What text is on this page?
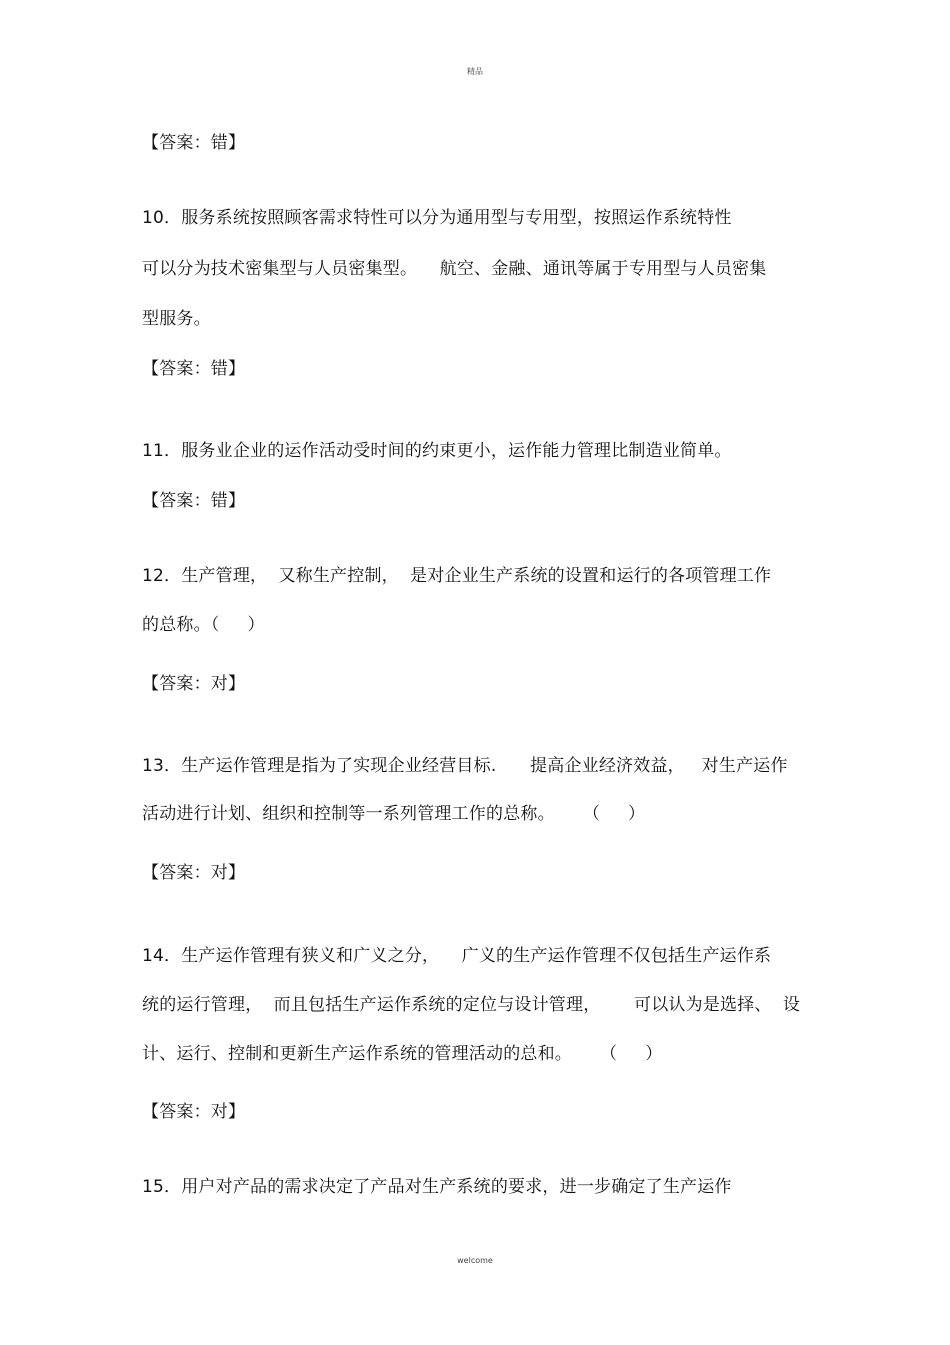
精品
【答案：错】
10．服务系统按照顾客需求特性可以分为通用型与专用型，按照运作系统特性
可以分为技术密集型与人员密集型。    航空、金融、通讯等属于专用型与人员密集
型服务。
【答案：错】
11．服务业企业的运作活动受时间的约束更小，运作能力管理比制造业简单。
【答案：错】
12．生产管理，  又称生产控制，  是对企业生产系统的设置和运行的各项管理工作
的总称。（     ）
【答案：对】
13．生产运作管理是指为了实现企业经营目标.      提高企业经济效益，   对生产运作
活动进行计划、组织和控制等一系列管理工作的总称。     （     ）
【答案：对】
14．生产运作管理有狭义和广义之分，    广义的生产运作管理不仅包括生产运作系
统的运行管理，  而且包括生产运作系统的定位与设计管理，      可以认为是选择、  设
计、运行、控制和更新生产运作系统的管理活动的总和。     （     ）
【答案：对】
15．用户对产品的需求决定了产品对生产系统的要求，进一步确定了生产运作
welcome
